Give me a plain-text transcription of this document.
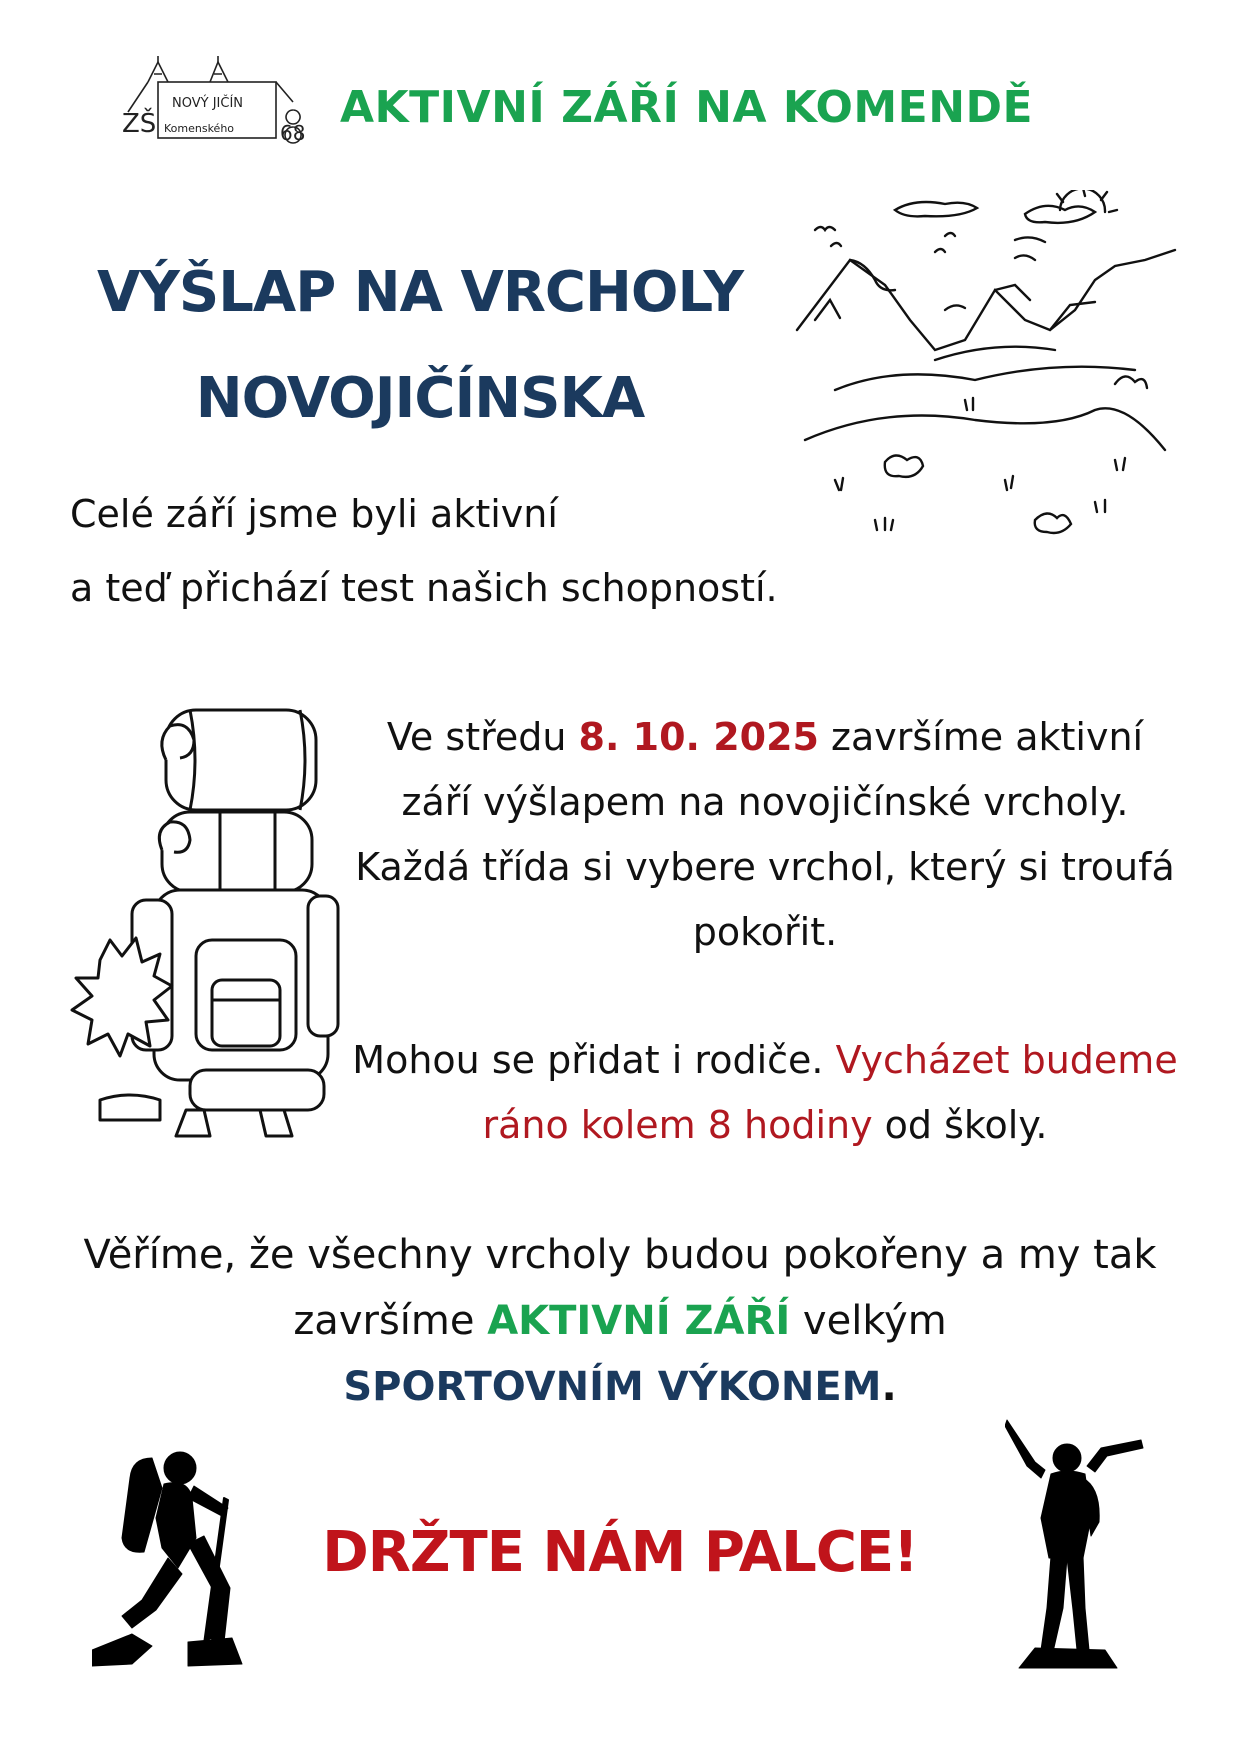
ZŠ
NOVÝ JIČÍN
Komenského 68 AKTIVNÍ ZÁŘÍ NA KOMENDĚ
VÝŠLAP NA VRCHOLY
NOVOJIČÍNSKA
Celé září jsme byli aktivní
a teď přichází test našich schopností.
Ve středu 8. 10. 2025 završíme aktivní září výšlapem na novojičínské vrcholy. Každá třída si vybere vrchol, který si troufá pokořit.
Mohou se přidat i rodiče. Vycházet budeme ráno kolem 8 hodiny od školy.
Věříme, že všechny vrcholy budou pokořeny a my tak završíme AKTIVNÍ ZÁŘÍ velkým
SPORTOVNÍM VÝKONEM.
DRŽTE NÁM PALCE!
